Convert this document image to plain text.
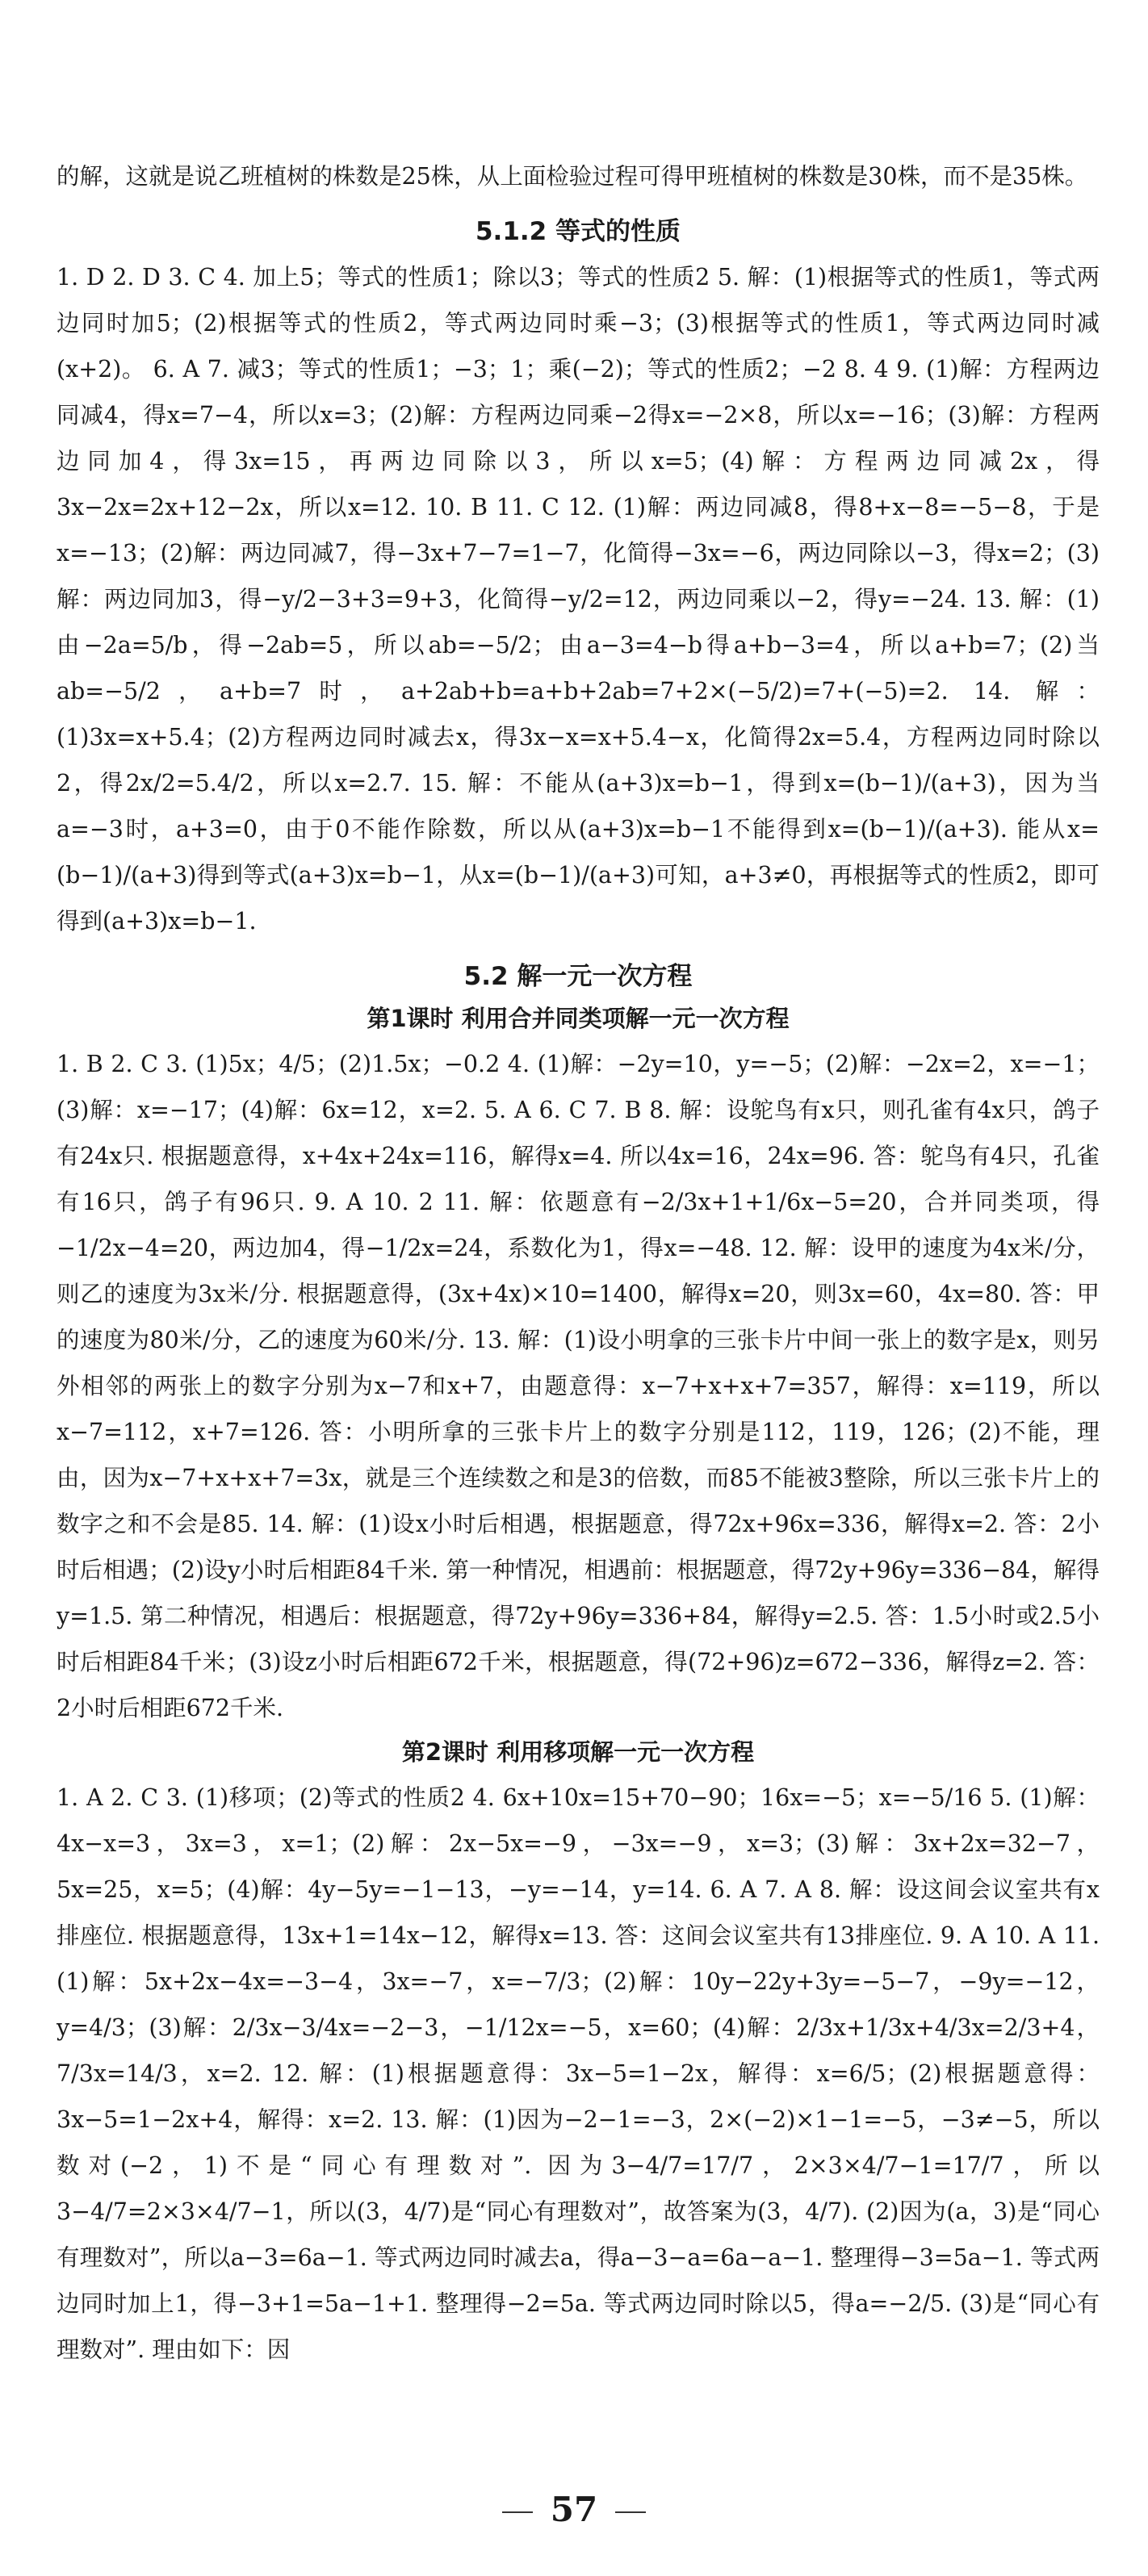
的解，这就是说乙班植树的株数是25株，从上面检验过程可得甲班植树的株数是30株，而不是35株。

5.1.2 等式的性质

1. D 2. D 3. C 4. 加上5；等式的性质1；除以3；等式的性质2 5. 解：(1)根据等式的性质1，等式两边同时加5；(2)根据等式的性质2，等式两边同时乘−3；(3)根据等式的性质1，等式两边同时减(x+2)。 6. A 7. 减3；等式的性质1；−3；1；乘(−2)；等式的性质2；−2 8. 4 9. (1)解：方程两边同减4，得x=7−4，所以x=3；(2)解：方程两边同乘−2得x=−2×8，所以x=−16；(3)解：方程两边同加4，得3x=15，再两边同除以3，所以x=5；(4)解：方程两边同减2x，得3x−2x=2x+12−2x，所以x=12. 10. B 11. C 12. (1)解：两边同减8，得8+x−8=−5−8，于是x=−13；(2)解：两边同减7，得−3x+7−7=1−7，化简得−3x=−6，两边同除以−3，得x=2；(3)解：两边同加3，得−y/2−3+3=9+3，化简得−y/2=12，两边同乘以−2，得y=−24. 13. 解：(1)由−2a=5/b，得−2ab=5，所以ab=−5/2；由a−3=4−b得a+b−3=4，所以a+b=7；(2)当ab=−5/2，a+b=7时，a+2ab+b=a+b+2ab=7+2×(−5/2)=7+(−5)=2. 14. 解：(1)3x=x+5.4；(2)方程两边同时减去x，得3x−x=x+5.4−x，化简得2x=5.4，方程两边同时除以2，得2x/2=5.4/2，所以x=2.7. 15. 解：不能从(a+3)x=b−1，得到x=(b−1)/(a+3)，因为当a=−3时，a+3=0，由于0不能作除数，所以从(a+3)x=b−1不能得到x=(b−1)/(a+3). 能从x=(b−1)/(a+3)得到等式(a+3)x=b−1，从x=(b−1)/(a+3)可知，a+3≠0，再根据等式的性质2，即可得到(a+3)x=b−1.

5.2 解一元一次方程
第1课时 利用合并同类项解一元一次方程

1. B 2. C 3. (1)5x；4/5；(2)1.5x；−0.2 4. (1)解：−2y=10，y=−5；(2)解：−2x=2，x=−1；(3)解：x=−17；(4)解：6x=12，x=2. 5. A 6. C 7. B 8. 解：设鸵鸟有x只，则孔雀有4x只，鸽子有24x只. 根据题意得，x+4x+24x=116，解得x=4. 所以4x=16，24x=96. 答：鸵鸟有4只，孔雀有16只，鸽子有96只. 9. A 10. 2 11. 解：依题意有−2/3x+1+1/6x−5=20，合并同类项，得−1/2x−4=20，两边加4，得−1/2x=24，系数化为1，得x=−48. 12. 解：设甲的速度为4x米/分，则乙的速度为3x米/分. 根据题意得，(3x+4x)×10=1400，解得x=20，则3x=60，4x=80. 答：甲的速度为80米/分，乙的速度为60米/分. 13. 解：(1)设小明拿的三张卡片中间一张上的数字是x，则另外相邻的两张上的数字分别为x−7和x+7，由题意得：x−7+x+x+7=357，解得：x=119，所以x−7=112，x+7=126. 答：小明所拿的三张卡片上的数字分别是112，119，126；(2)不能，理由，因为x−7+x+x+7=3x，就是三个连续数之和是3的倍数，而85不能被3整除，所以三张卡片上的数字之和不会是85. 14. 解：(1)设x小时后相遇，根据题意，得72x+96x=336，解得x=2. 答：2小时后相遇；(2)设y小时后相距84千米. 第一种情况，相遇前：根据题意，得72y+96y=336−84，解得y=1.5. 第二种情况，相遇后：根据题意，得72y+96y=336+84，解得y=2.5. 答：1.5小时或2.5小时后相距84千米；(3)设z小时后相距672千米，根据题意，得(72+96)z=672−336，解得z=2. 答：2小时后相距672千米.

第2课时 利用移项解一元一次方程

1. A 2. C 3. (1)移项；(2)等式的性质2 4. 6x+10x=15+70−90；16x=−5；x=−5/16 5. (1)解：4x−x=3，3x=3，x=1；(2)解：2x−5x=−9，−3x=−9，x=3；(3)解：3x+2x=32−7，5x=25，x=5；(4)解：4y−5y=−1−13，−y=−14，y=14. 6. A 7. A 8. 解：设这间会议室共有x排座位. 根据题意得，13x+1=14x−12，解得x=13. 答：这间会议室共有13排座位. 9. A 10. A 11. (1)解：5x+2x−4x=−3−4，3x=−7，x=−7/3；(2)解：10y−22y+3y=−5−7，−9y=−12，y=4/3；(3)解：2/3x−3/4x=−2−3，−1/12x=−5，x=60；(4)解：2/3x+1/3x+4/3x=2/3+4，7/3x=14/3，x=2. 12. 解：(1)根据题意得：3x−5=1−2x，解得：x=6/5；(2)根据题意得：3x−5=1−2x+4，解得：x=2. 13. 解：(1)因为−2−1=−3，2×(−2)×1−1=−5，−3≠−5，所以数对(−2，1)不是“同心有理数对”. 因为3−4/7=17/7，2×3×4/7−1=17/7，所以3−4/7=2×3×4/7−1，所以(3，4/7)是“同心有理数对”，故答案为(3，4/7). (2)因为(a，3)是“同心有理数对”，所以a−3=6a−1. 等式两边同时减去a，得a−3−a=6a−a−1. 整理得−3=5a−1. 等式两边同时加上1，得−3+1=5a−1+1. 整理得−2=5a. 等式两边同时除以5，得a=−2/5. (3)是“同心有理数对”. 理由如下：因

57
